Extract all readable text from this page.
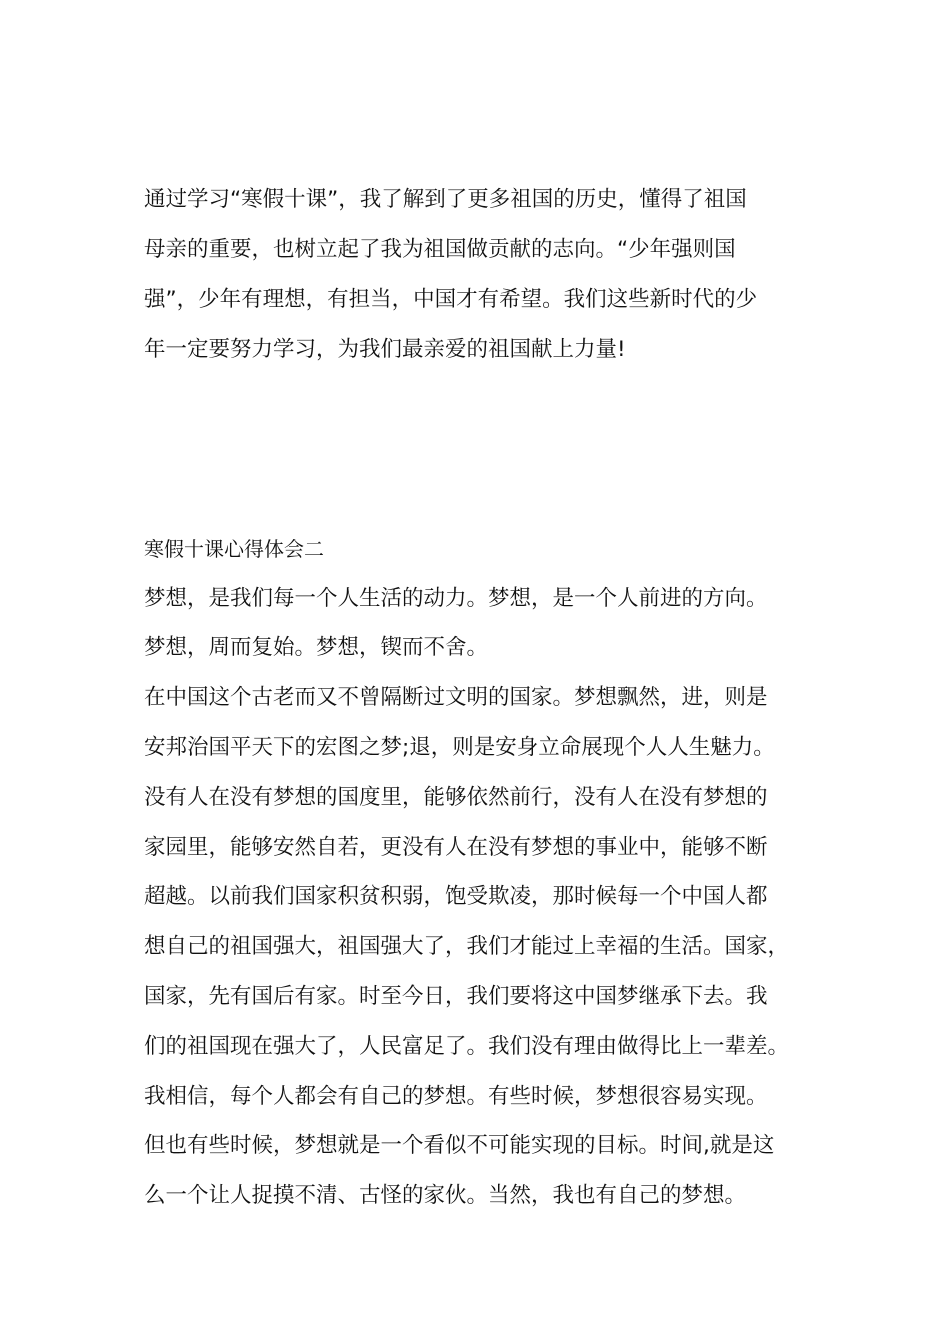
通过学习“寒假十课”，我了解到了更多祖国的历史，懂得了祖国
母亲的重要，也树立起了我为祖国做贡献的志向。“少年强则国
强”，少年有理想，有担当，中国才有希望。我们这些新时代的少
年一定要努力学习，为我们最亲爱的祖国献上力量!
寒假十课心得体会二
梦想，是我们每一个人生活的动力。梦想，是一个人前进的方向。
梦想，周而复始。梦想，锲而不舍。
在中国这个古老而又不曾隔断过文明的国家。梦想飘然，进，则是
安邦治国平天下的宏图之梦;退，则是安身立命展现个人人生魅力。
没有人在没有梦想的国度里，能够依然前行，没有人在没有梦想的
家园里，能够安然自若，更没有人在没有梦想的事业中，能够不断
超越。以前我们国家积贫积弱，饱受欺凌，那时候每一个中国人都
想自己的祖国强大，祖国强大了，我们才能过上幸福的生活。国家，
国家，先有国后有家。时至今日，我们要将这中国梦继承下去。我
们的祖国现在强大了，人民富足了。我们没有理由做得比上一辈差。
我相信，每个人都会有自己的梦想。有些时候，梦想很容易实现。
但也有些时候，梦想就是一个看似不可能实现的目标。时间,就是这
么一个让人捉摸不清、古怪的家伙。当然，我也有自己的梦想。
